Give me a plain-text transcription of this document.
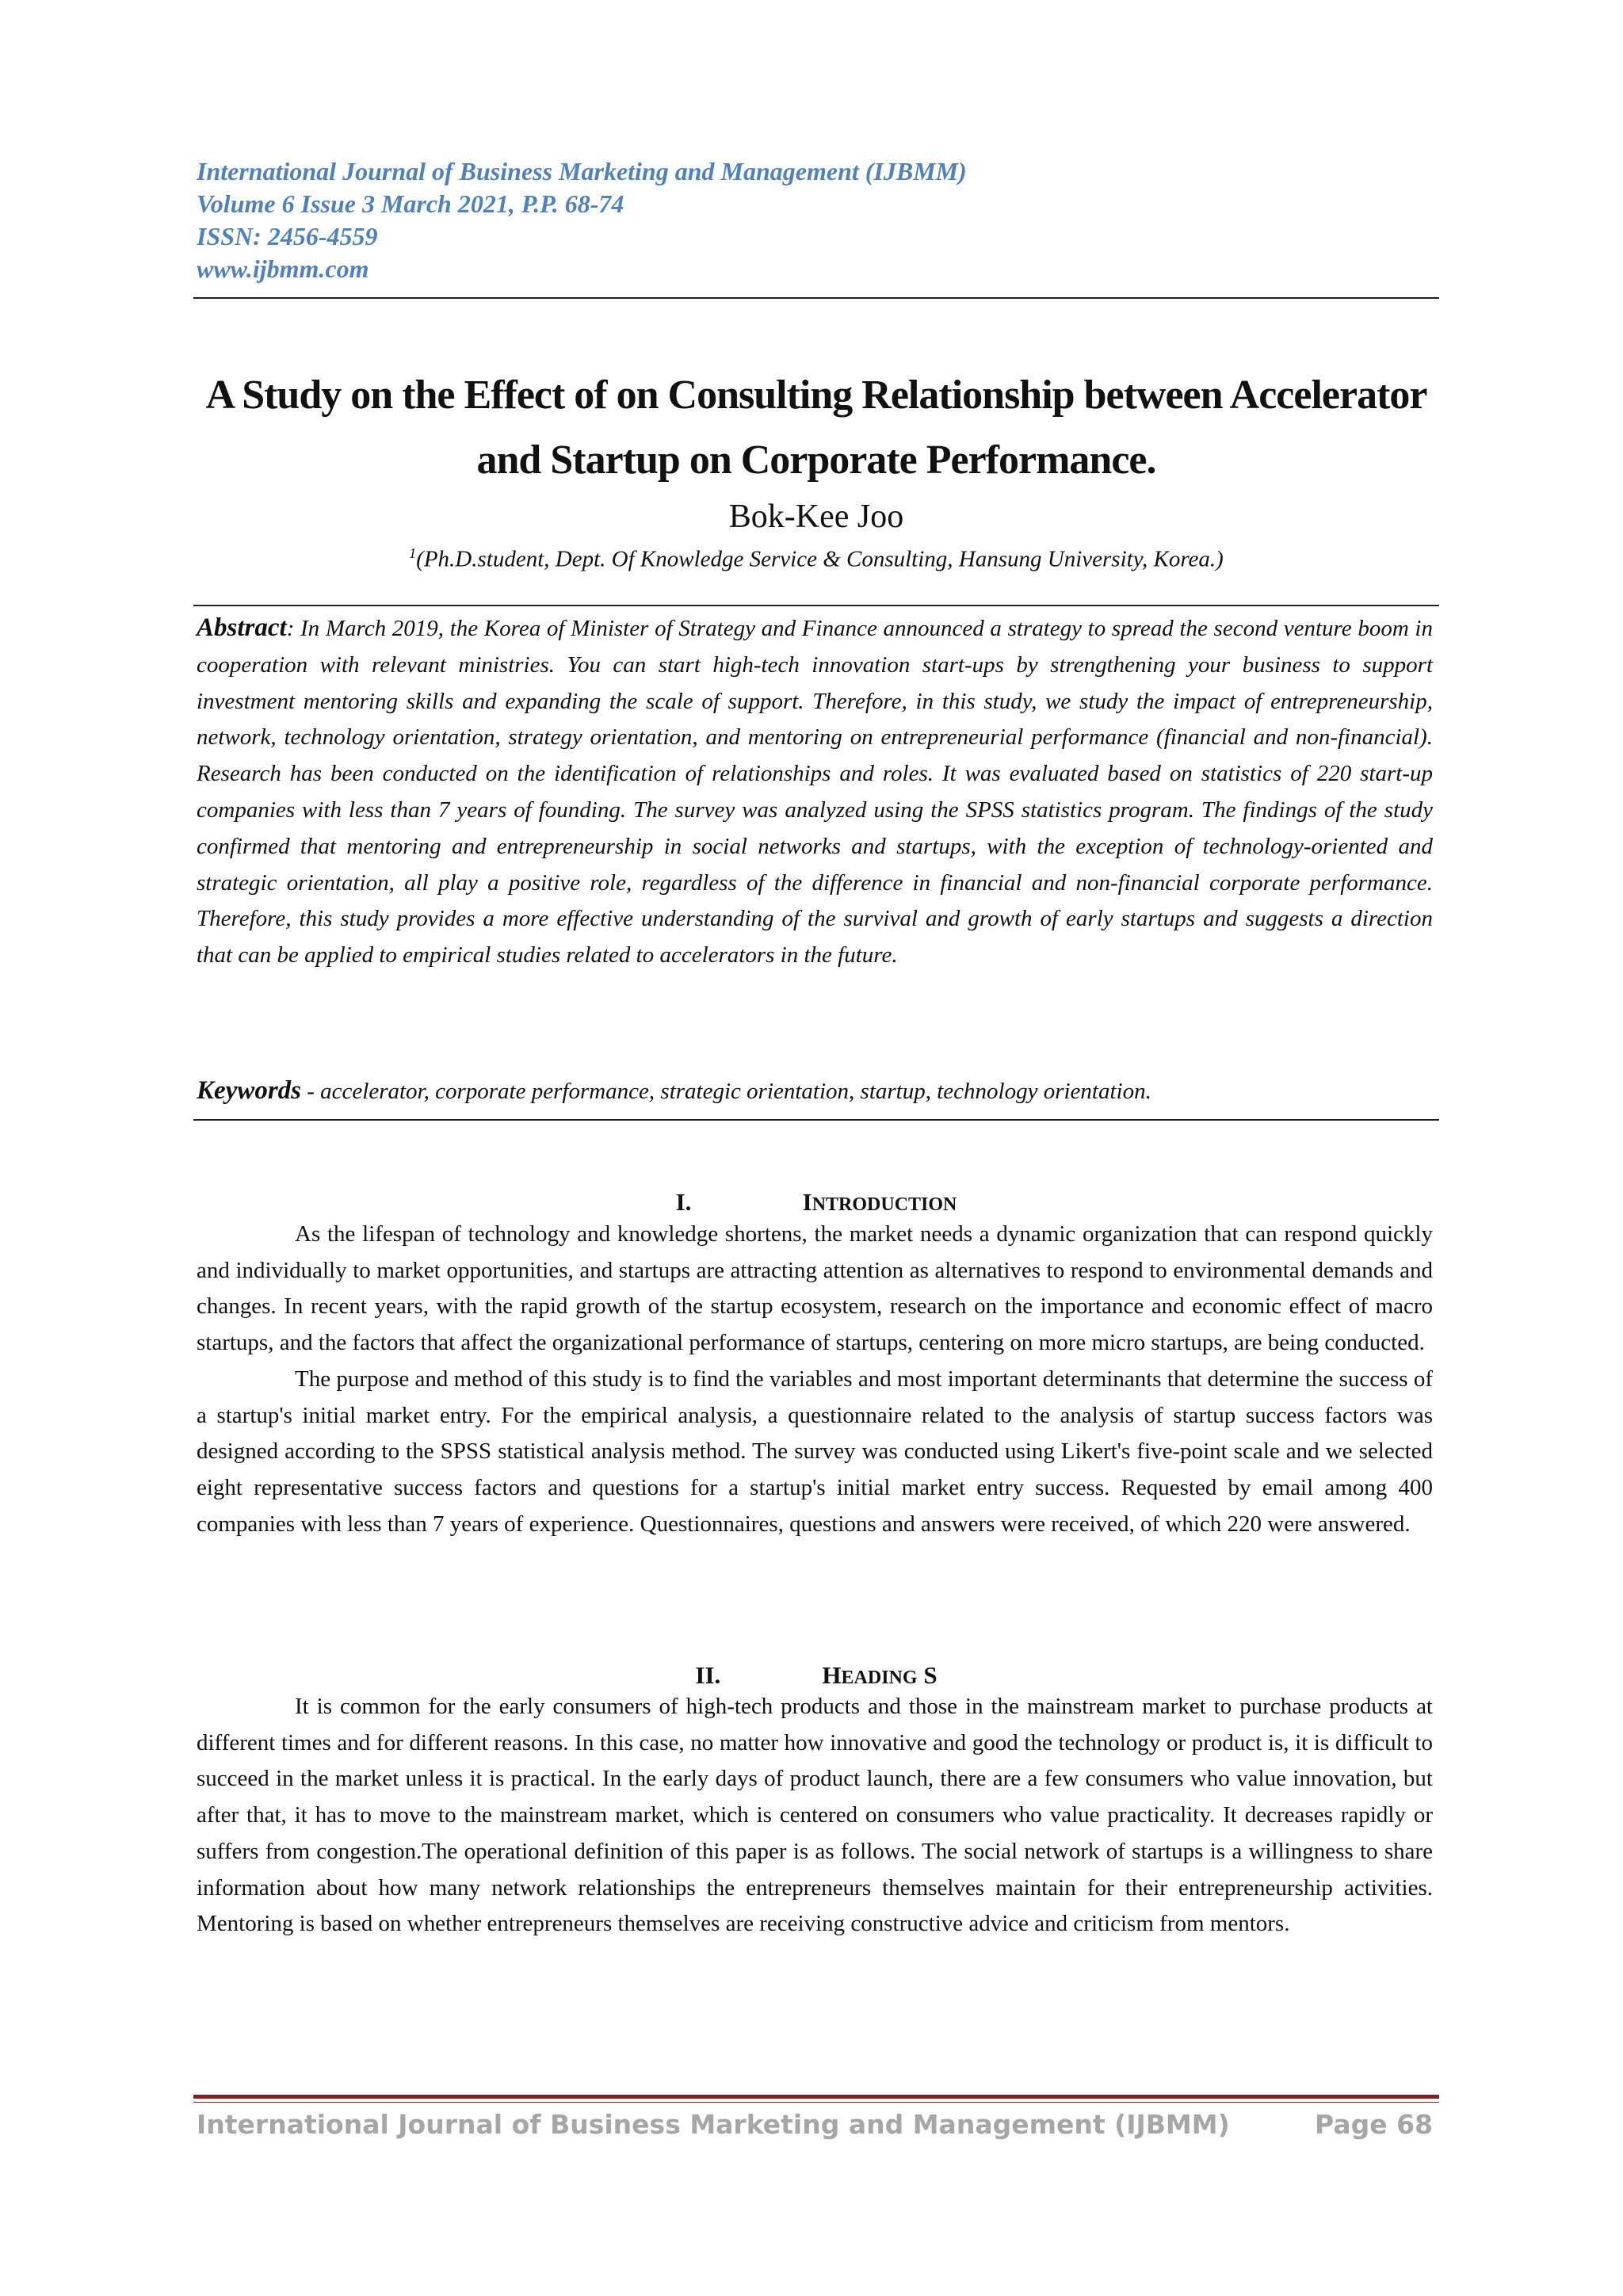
International Journal of Business Marketing and Management (IJBMM)
Volume 6 Issue 3 March 2021, P.P. 68-74
ISSN: 2456-4559
www.ijbmm.com
A Study on the Effect of on Consulting Relationship between Accelerator
and Startup on Corporate Performance.
Bok-Kee Joo
$^1$(Ph.D.student, Dept. Of Knowledge Service & Consulting, Hansung University, Korea.)
Abstract: In March 2019, the Korea of Minister of Strategy and Finance announced a strategy to spread the second venture boom in cooperation with relevant ministries. You can start high-tech innovation start-ups by strengthening your business to support investment mentoring skills and expanding the scale of support. Therefore, in this study, we study the impact of entrepreneurship, network, technology orientation, strategy orientation, and mentoring on entrepreneurial performance (financial and non-financial). Research has been conducted on the identification of relationships and roles. It was evaluated based on statistics of 220 start-up companies with less than 7 years of founding. The survey was analyzed using the SPSS statistics program. The findings of the study confirmed that mentoring and entrepreneurship in social networks and startups, with the exception of technology-oriented and strategic orientation, all play a positive role, regardless of the difference in financial and non-financial corporate performance. Therefore, this study provides a more effective understanding of the survival and growth of early startups and suggests a direction that can be applied to empirical studies related to accelerators in the future.
Keywords - accelerator, corporate performance, strategic orientation, startup, technology orientation.
I.	INTRODUCTION

As the lifespan of technology and knowledge shortens, the market needs a dynamic organization that can respond quickly and individually to market opportunities, and startups are attracting attention as alternatives to respond to environmental demands and changes. In recent years, with the rapid growth of the startup ecosystem, research on the importance and economic effect of macro startups, and the factors that affect the organizational performance of startups, centering on more micro startups, are being conducted.

The purpose and method of this study is to find the variables and most important determinants that determine the success of a startup's initial market entry. For the empirical analysis, a questionnaire related to the analysis of startup success factors was designed according to the SPSS statistical analysis method. The survey was conducted using Likert's five-point scale and we selected eight representative success factors and questions for a startup's initial market entry success. Requested by email among 400 companies with less than 7 years of experience. Questionnaires, questions and answers were received, of which 220 were answered.

II.	HEADING S

It is common for the early consumers of high-tech products and those in the mainstream market to purchase products at different times and for different reasons. In this case, no matter how innovative and good the technology or product is, it is difficult to succeed in the market unless it is practical. In the early days of product launch, there are a few consumers who value innovation, but after that, it has to move to the mainstream market, which is centered on consumers who value practicality. It decreases rapidly or suffers from congestion.The operational definition of this paper is as follows. The social network of startups is a willingness to share information about how many network relationships the entrepreneurs themselves maintain for their entrepreneurship activities. Mentoring is based on whether entrepreneurs themselves are receiving constructive advice and criticism from mentors.

International Journal of Business Marketing and Management (IJBMM)	Page 68
